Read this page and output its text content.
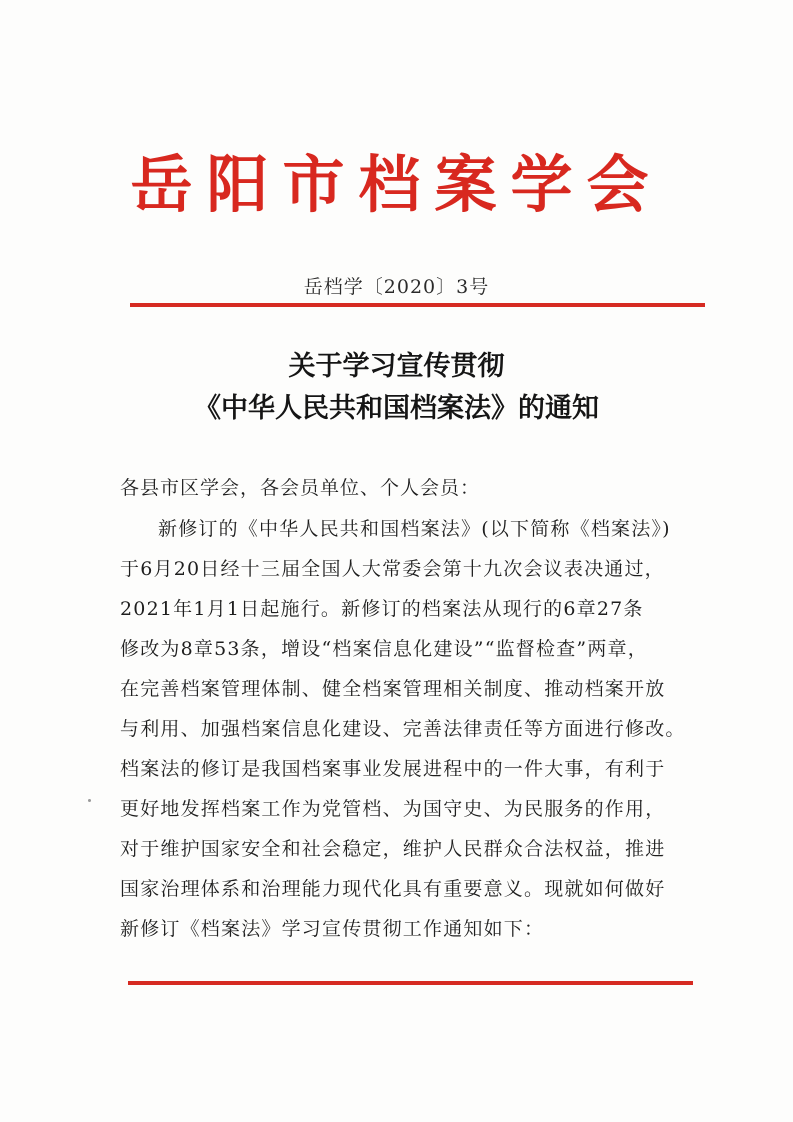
岳阳市档案学会
岳档学〔2020〕3号
关于学习宣传贯彻
《中华人民共和国档案法》的通知
各县市区学会，各会员单位、个人会员：
新修订的《中华人民共和国档案法》(以下简称《档案法》)
于6月20日经十三届全国人大常委会第十九次会议表决通过，
2021年1月1日起施行。新修订的档案法从现行的6章27条
修改为8章53条，增设“档案信息化建设”“监督检查”两章，
在完善档案管理体制、健全档案管理相关制度、推动档案开放
与利用、加强档案信息化建设、完善法律责任等方面进行修改。
档案法的修订是我国档案事业发展进程中的一件大事，有利于
更好地发挥档案工作为党管档、为国守史、为民服务的作用，
对于维护国家安全和社会稳定，维护人民群众合法权益，推进
国家治理体系和治理能力现代化具有重要意义。现就如何做好
新修订《档案法》学习宣传贯彻工作通知如下：
